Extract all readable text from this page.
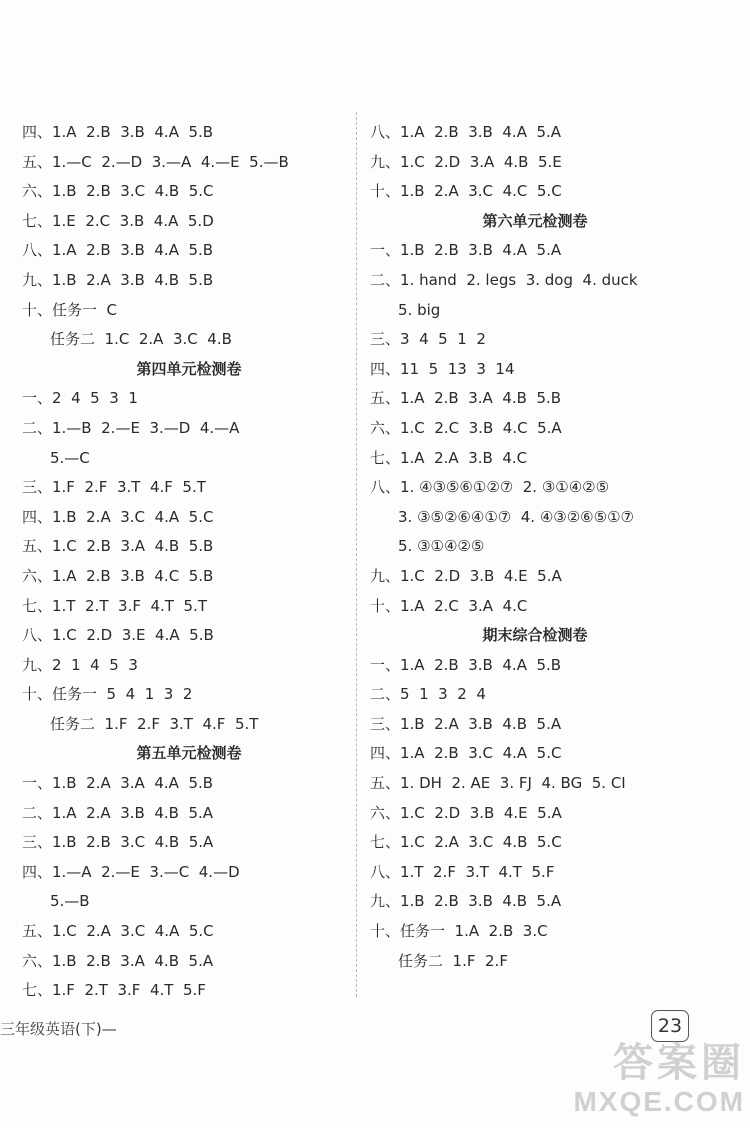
四、1.A  2.B  3.B  4.A  5.B
五、1.—C  2.—D  3.—A  4.—E  5.—B
六、1.B  2.B  3.C  4.B  5.C
七、1.E  2.C  3.B  4.A  5.D
八、1.A  2.B  3.B  4.A  5.B
九、1.B  2.A  3.B  4.B  5.B
十、任务一  C
任务二  1.C  2.A  3.C  4.B
第四单元检测卷
一、2  4  5  3  1
二、1.—B  2.—E  3.—D  4.—A
5.—C
三、1.F  2.F  3.T  4.F  5.T
四、1.B  2.A  3.C  4.A  5.C
五、1.C  2.B  3.A  4.B  5.B
六、1.A  2.B  3.B  4.C  5.B
七、1.T  2.T  3.F  4.T  5.T
八、1.C  2.D  3.E  4.A  5.B
九、2  1  4  5  3
十、任务一  5  4  1  3  2
任务二  1.F  2.F  3.T  4.F  5.T
第五单元检测卷
一、1.B  2.A  3.A  4.A  5.B
二、1.A  2.A  3.B  4.B  5.A
三、1.B  2.B  3.C  4.B  5.A
四、1.—A  2.—E  3.—C  4.—D
5.—B
五、1.C  2.A  3.C  4.A  5.C
六、1.B  2.B  3.A  4.B  5.A
七、1.F  2.T  3.F  4.T  5.F
八、1.A  2.B  3.B  4.A  5.A
九、1.C  2.D  3.A  4.B  5.E
十、1.B  2.A  3.C  4.C  5.C
第六单元检测卷
一、1.B  2.B  3.B  4.A  5.A
二、1. hand  2. legs  3. dog  4. duck
5. big
三、3  4  5  1  2
四、11  5  13  3  14
五、1.A  2.B  3.A  4.B  5.B
六、1.C  2.C  3.B  4.C  5.A
七、1.A  2.A  3.B  4.C
八、1. ④③⑤⑥①②⑦  2. ③①④②⑤
3. ③⑤②⑥④①⑦  4. ④③②⑥⑤①⑦
5. ③①④②⑤
九、1.C  2.D  3.B  4.E  5.A
十、1.A  2.C  3.A  4.C
期末综合检测卷
一、1.A  2.B  3.B  4.A  5.B
二、5  1  3  2  4
三、1.B  2.A  3.B  4.B  5.A
四、1.A  2.B  3.C  4.A  5.C
五、1. DH  2. AE  3. FJ  4. BG  5. CI
六、1.C  2.D  3.B  4.E  5.A
七、1.C  2.A  3.C  4.B  5.C
八、1.T  2.F  3.T  4.T  5.F
九、1.B  2.B  3.B  4.B  5.A
十、任务一  1.A  2.B  3.C
任务二  1.F  2.F
三年级英语(下)—	23
答案圈
MXQE.COM
